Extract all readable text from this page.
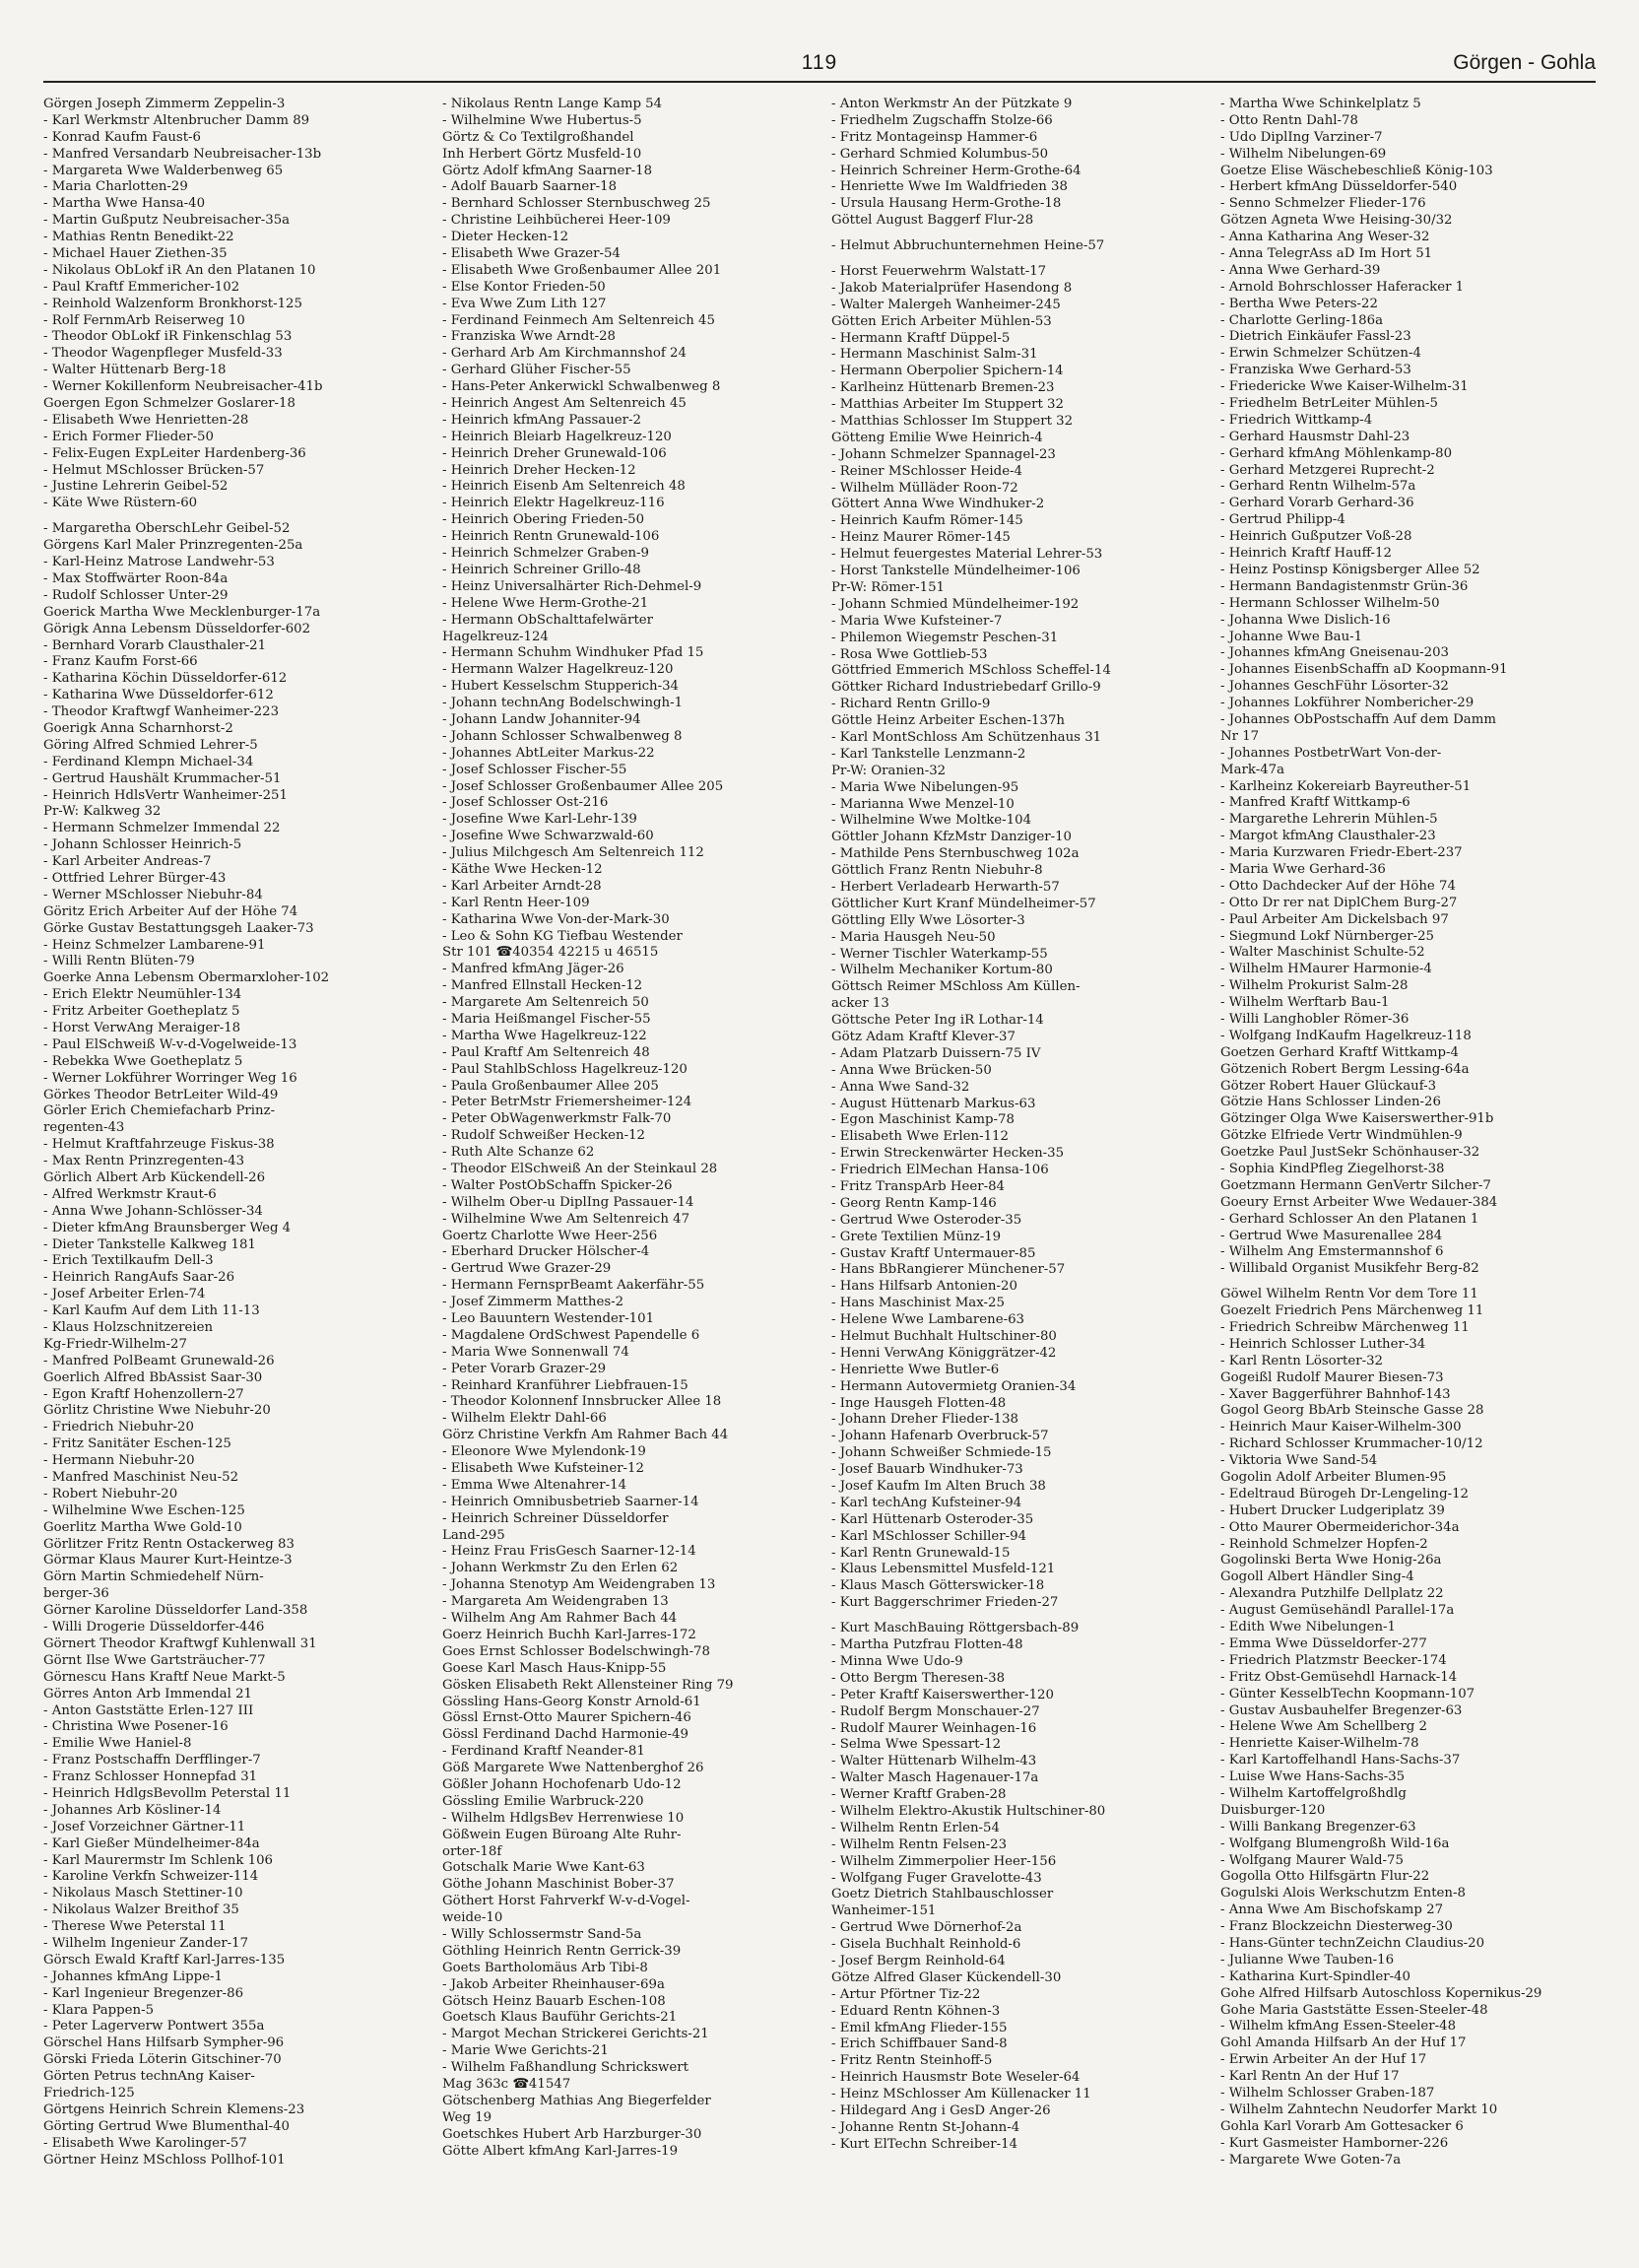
119	Görgen - Gohla
Görgen Joseph Zimmerm Zeppelin-3
- Karl Werkmstr Altenbrucher Damm 89
- Konrad Kaufm Faust-6
- Manfred Versandarb Neubreisacher-13b
- Margareta Wwe Walderbenweg 65
- Maria Charlotten-29
- Martha Wwe Hansa-40
- Martin Gußputz Neubreisacher-35a
- Mathias Rentn Benedikt-22
- Michael Hauer Ziethen-35
- Nikolaus ObLokf iR An den Platanen 10
- Paul Kraftf Emmericher-102
- Reinhold Walzenform Bronkhorst-125
- Rolf FernmArb Reiserweg 10
- Theodor ObLokf iR Finkenschlag 53
- Theodor Wagenpfleger Musfeld-33
- Walter Hüttenarb Berg-18
- Werner Kokillenform Neubreisacher-41b
Goergen Egon Schmelzer Goslarer-18
- Elisabeth Wwe Henrietten-28
- Erich Former Flieder-50
- Felix-Eugen ExpLeiter Hardenberg-36
- Helmut MSchlosser Brücken-57
- Justine Lehrerin Geibel-52
- Käte Wwe Rüstern-60
- Margaretha OberschLehr Geibel-52
Görgens Karl Maler Prinzregenten-25a
- Karl-Heinz Matrose Landwehr-53
- Max Stoffwärter Roon-84a
- Rudolf Schlosser Unter-29
Goerick Martha Wwe Mecklenburger-17a
Görigk Anna Lebensm Düsseldorfer-602
- Bernhard Vorarb Clausthaler-21
- Franz Kaufm Forst-66
- Katharina Köchin Düsseldorfer-612
- Katharina Wwe Düsseldorfer-612
- Theodor Kraftwgf Wanheimer-223
Goerigk Anna Scharnhorst-2
Göring Alfred Schmied Lehrer-5
- Ferdinand Klempn Michael-34
- Gertrud Haushält Krummacher-51
- Heinrich HdlsVertr Wanheimer-251
Pr-W: Kalkweg 32
- Hermann Schmelzer Immendal 22
- Johann Schlosser Heinrich-5
- Karl Arbeiter Andreas-7
- Ottfried Lehrer Bürger-43
- Werner MSchlosser Niebuhr-84
Göritz Erich Arbeiter Auf der Höhe 74
Görke Gustav Bestattungsgeh Laaker-73
- Heinz Schmelzer Lambarene-91
- Willi Rentn Blüten-79
Goerke Anna Lebensm Obermarxloher-102
- Erich Elektr Neumühler-134
- Fritz Arbeiter Goetheplatz 5
- Horst VerwAng Meraiger-18
- Paul ElSchweiß W-v-d-Vogelweide-13
- Rebekka Wwe Goetheplatz 5
- Werner Lokführer Worringer Weg 16
Görkes Theodor BetrLeiter Wild-49
Görler Erich Chemiefacharb Prinz-
regenten-43
- Helmut Kraftfahrzeuge Fiskus-38
- Max Rentn Prinzregenten-43
Görlich Albert Arb Kückendell-26
- Alfred Werkmstr Kraut-6
- Anna Wwe Johann-Schlösser-34
- Dieter kfmAng Braunsberger Weg 4
- Dieter Tankstelle Kalkweg 181
- Erich Textilkaufm Dell-3
- Heinrich RangAufs Saar-26
- Josef Arbeiter Erlen-74
- Karl Kaufm Auf dem Lith 11-13
- Klaus Holzschnitzereien
Kg-Friedr-Wilhelm-27
- Manfred PolBeamt Grunewald-26
Goerlich Alfred BbAssist Saar-30
- Egon Kraftf Hohenzollern-27
Görlitz Christine Wwe Niebuhr-20
- Friedrich Niebuhr-20
- Fritz Sanitäter Eschen-125
- Hermann Niebuhr-20
- Manfred Maschinist Neu-52
- Robert Niebuhr-20
- Wilhelmine Wwe Eschen-125
Goerlitz Martha Wwe Gold-10
Görlitzer Fritz Rentn Ostackerweg 83
Görmar Klaus Maurer Kurt-Heintze-3
Görn Martin Schmiedehelf Nürn-
berger-36
Görner Karoline Düsseldorfer Land-358
- Willi Drogerie Düsseldorfer-446
Görnert Theodor Kraftwgf Kuhlenwall 31
Görnt Ilse Wwe Gartsträucher-77
Görnescu Hans Kraftf Neue Markt-5
Görres Anton Arb Immendal 21
- Anton Gaststätte Erlen-127 III
- Christina Wwe Posener-16
- Emilie Wwe Haniel-8
- Franz Postschaffn Derfflinger-7
- Franz Schlosser Honnepfad 31
- Heinrich HdlgsBevollm Peterstal 11
- Johannes Arb Kösliner-14
- Josef Vorzeichner Gärtner-11
- Karl Gießer Mündelheimer-84a
- Karl Maurermstr Im Schlenk 106
- Karoline Verkfn Schweizer-114
- Nikolaus Masch Stettiner-10
- Nikolaus Walzer Breithof 35
- Therese Wwe Peterstal 11
- Wilhelm Ingenieur Zander-17
Görsch Ewald Kraftf Karl-Jarres-135
- Johannes kfmAng Lippe-1
- Karl Ingenieur Bregenzer-86
- Klara Pappen-5
- Peter Lagerverw Pontwert 355a
Görschel Hans Hilfsarb Sympher-96
Görski Frieda Löterin Gitschiner-70
Görten Petrus technAng Kaiser-
Friedrich-125
Görtgens Heinrich Schrein Klemens-23
Görting Gertrud Wwe Blumenthal-40
- Elisabeth Wwe Karolinger-57
Görtner Heinz MSchloss Pollhof-101
- Nikolaus Rentn Lange Kamp 54
- Wilhelmine Wwe Hubertus-5
Görtz & Co Textilgroßhandel
Inh Herbert Görtz Musfeld-10
Görtz Adolf kfmAng Saarner-18
- Adolf Bauarb Saarner-18
- Bernhard Schlosser Sternbuschweg 25
- Christine Leihbücherei Heer-109
- Dieter Hecken-12
- Elisabeth Wwe Grazer-54
- Elisabeth Wwe Großenbaumer Allee 201
- Else Kontor Frieden-50
- Eva Wwe Zum Lith 127
- Ferdinand Feinmech Am Seltenreich 45
- Franziska Wwe Arndt-28
- Gerhard Arb Am Kirchmannshof 24
- Gerhard Glüher Fischer-55
- Hans-Peter Ankerwickl Schwalbenweg 8
- Heinrich Angest Am Seltenreich 45
- Heinrich kfmAng Passauer-2
- Heinrich Bleiarb Hagelkreuz-120
- Heinrich Dreher Grunewald-106
- Heinrich Dreher Hecken-12
- Heinrich Eisenb Am Seltenreich 48
- Heinrich Elektr Hagelkreuz-116
- Heinrich Obering Frieden-50
- Heinrich Rentn Grunewald-106
- Heinrich Schmelzer Graben-9
- Heinrich Schreiner Grillo-48
- Heinz Universalhärter Rich-Dehmel-9
- Helene Wwe Herm-Grothe-21
- Hermann ObSchalttafelwärter
Hagelkreuz-124
- Hermann Schuhm Windhuker Pfad 15
- Hermann Walzer Hagelkreuz-120
- Hubert Kesselschm Stupperich-34
- Johann technAng Bodelschwingh-1
- Johann Landw Johanniter-94
- Johann Schlosser Schwalbenweg 8
- Johannes AbtLeiter Markus-22
- Josef Schlosser Fischer-55
- Josef Schlosser Großenbaumer Allee 205
- Josef Schlosser Ost-216
- Josefine Wwe Karl-Lehr-139
- Josefine Wwe Schwarzwald-60
- Julius Milchgesch Am Seltenreich 112
- Käthe Wwe Hecken-12
- Karl Arbeiter Arndt-28
- Karl Rentn Heer-109
- Katharina Wwe Von-der-Mark-30
- Leo & Sohn KG Tiefbau Westender
Str 101 ☎40354 42215 u 46515
- Manfred kfmAng Jäger-26
- Manfred Ellnstall Hecken-12
- Margarete Am Seltenreich 50
- Maria Heißmangel Fischer-55
- Martha Wwe Hagelkreuz-122
- Paul Kraftf Am Seltenreich 48
- Paul StahlbSchloss Hagelkreuz-120
- Paula Großenbaumer Allee 205
- Peter BetrMstr Friemersheimer-124
- Peter ObWagenwerkmstr Falk-70
- Rudolf Schweißer Hecken-12
- Ruth Alte Schanze 62
- Theodor ElSchweiß An der Steinkaul 28
- Walter PostObSchaffn Spicker-26
- Wilhelm Ober-u DiplIng Passauer-14
- Wilhelmine Wwe Am Seltenreich 47
Goertz Charlotte Wwe Heer-256
- Eberhard Drucker Hölscher-4
- Gertrud Wwe Grazer-29
- Hermann FernsprBeamt Aakerfähr-55
- Josef Zimmerm Matthes-2
- Leo Bauuntern Westender-101
- Magdalene OrdSchwest Papendelle 6
- Maria Wwe Sonnenwall 74
- Peter Vorarb Grazer-29
- Reinhard Kranführer Liebfrauen-15
- Theodor Kolonnenf Innsbrucker Allee 18
- Wilhelm Elektr Dahl-66
Görz Christine Verkfn Am Rahmer Bach 44
- Eleonore Wwe Mylendonk-19
- Elisabeth Wwe Kufsteiner-12
- Emma Wwe Altenahrer-14
- Heinrich Omnibusbetrieb Saarner-14
- Heinrich Schreiner Düsseldorfer
Land-295
- Heinz Frau FrisGesch Saarner-12-14
- Johann Werkmstr Zu den Erlen 62
- Johanna Stenotyp Am Weidengraben 13
- Margareta Am Weidengraben 13
- Wilhelm Ang Am Rahmer Bach 44
Goerz Heinrich Buchh Karl-Jarres-172
Goes Ernst Schlosser Bodelschwingh-78
Goese Karl Masch Haus-Knipp-55
Gösken Elisabeth Rekt Allensteiner Ring 79
Gössling Hans-Georg Konstr Arnold-61
Gössl Ernst-Otto Maurer Spichern-46
Gössl Ferdinand Dachd Harmonie-49
- Ferdinand Kraftf Neander-81
Göß Margarete Wwe Nattenberghof 26
Gößler Johann Hochofenarb Udo-12
Gössling Emilie Warbruck-220
- Wilhelm HdlgsBev Herrenwiese 10
Gößwein Eugen Büroang Alte Ruhr-
orter-18f
Gotschalk Marie Wwe Kant-63
Göthe Johann Maschinist Bober-37
Göthert Horst Fahrverkf W-v-d-Vogel-
weide-10
- Willy Schlossermstr Sand-5a
Göthling Heinrich Rentn Gerrick-39
Goets Bartholomäus Arb Tibi-8
- Jakob Arbeiter Rheinhauser-69a
Götsch Heinz Bauarb Eschen-108
Goetsch Klaus Bauführ Gerichts-21
- Margot Mechan Strickerei Gerichts-21
- Marie Wwe Gerichts-21
- Wilhelm Faßhandlung Schrickswert
Mag 363c ☎41547
Götschenberg Mathias Ang Biegerfelder
Weg 19
Goetschkes Hubert Arb Harzburger-30
Götte Albert kfmAng Karl-Jarres-19
- Anton Werkmstr An der Pützkate 9
- Friedhelm Zugschaffn Stolze-66
- Fritz Montageinsp Hammer-6
- Gerhard Schmied Kolumbus-50
- Heinrich Schreiner Herm-Grothe-64
- Henriette Wwe Im Waldfrieden 38
- Ursula Hausang Herm-Grothe-18
Göttel August Baggerf Flur-28
- Helmut Abbruchunternehmen Heine-57
- Horst Feuerwehrm Walstatt-17
- Jakob Materialprüfer Hasendong 8
- Walter Malergeh Wanheimer-245
Götten Erich Arbeiter Mühlen-53
- Hermann Kraftf Düppel-5
- Hermann Maschinist Salm-31
- Hermann Oberpolier Spichern-14
- Karlheinz Hüttenarb Bremen-23
- Matthias Arbeiter Im Stuppert 32
- Matthias Schlosser Im Stuppert 32
Götteng Emilie Wwe Heinrich-4
- Johann Schmelzer Spannagel-23
- Reiner MSchlosser Heide-4
- Wilhelm Mülläder Roon-72
Göttert Anna Wwe Windhuker-2
- Heinrich Kaufm Römer-145
- Heinz Maurer Römer-145
- Helmut feuergestes Material Lehrer-53
- Horst Tankstelle Mündelheimer-106
Pr-W: Römer-151
- Johann Schmied Mündelheimer-192
- Maria Wwe Kufsteiner-7
- Philemon Wiegemstr Peschen-31
- Rosa Wwe Gottlieb-53
Göttfried Emmerich MSchloss Scheffel-14
Göttker Richard Industriebedarf Grillo-9
- Richard Rentn Grillo-9
Göttle Heinz Arbeiter Eschen-137h
- Karl MontSchloss Am Schützenhaus 31
- Karl Tankstelle Lenzmann-2
Pr-W: Oranien-32
- Maria Wwe Nibelungen-95
- Marianna Wwe Menzel-10
- Wilhelmine Wwe Moltke-104
Göttler Johann KfzMstr Danziger-10
- Mathilde Pens Sternbuschweg 102a
Göttlich Franz Rentn Niebuhr-8
- Herbert Verladearb Herwarth-57
Göttlicher Kurt Kranf Mündelheimer-57
Göttling Elly Wwe Lösorter-3
- Maria Hausgeh Neu-50
- Werner Tischler Waterkamp-55
- Wilhelm Mechaniker Kortum-80
Göttsch Reimer MSchloss Am Küllen-
acker 13
Göttsche Peter Ing iR Lothar-14
Götz Adam Kraftf Klever-37
- Adam Platzarb Duissern-75 IV
- Anna Wwe Brücken-50
- Anna Wwe Sand-32
- August Hüttenarb Markus-63
- Egon Maschinist Kamp-78
- Elisabeth Wwe Erlen-112
- Erwin Streckenwärter Hecken-35
- Friedrich ElMechan Hansa-106
- Fritz TranspArb Heer-84
- Georg Rentn Kamp-146
- Gertrud Wwe Osteroder-35
- Grete Textilien Münz-19
- Gustav Kraftf Untermauer-85
- Hans BbRangierer Münchener-57
- Hans Hilfsarb Antonien-20
- Hans Maschinist Max-25
- Helene Wwe Lambarene-63
- Helmut Buchhalt Hultschiner-80
- Henni VerwAng Königgrätzer-42
- Henriette Wwe Butler-6
- Hermann Autovermietg Oranien-34
- Inge Hausgeh Flotten-48
- Johann Dreher Flieder-138
- Johann Hafenarb Overbruck-57
- Johann Schweißer Schmiede-15
- Josef Bauarb Windhuker-73
- Josef Kaufm Im Alten Bruch 38
- Karl techAng Kufsteiner-94
- Karl Hüttenarb Osteroder-35
- Karl MSchlosser Schiller-94
- Karl Rentn Grunewald-15
- Klaus Lebensmittel Musfeld-121
- Klaus Masch Götterswicker-18
- Kurt Baggerschrimer Frieden-27
- Kurt MaschBauing Röttgersbach-89
- Martha Putzfrau Flotten-48
- Minna Wwe Udo-9
- Otto Bergm Theresen-38
- Peter Kraftf Kaiserswerther-120
- Rudolf Bergm Monschauer-27
- Rudolf Maurer Weinhagen-16
- Selma Wwe Spessart-12
- Walter Hüttenarb Wilhelm-43
- Walter Masch Hagenauer-17a
- Werner Kraftf Graben-28
- Wilhelm Elektro-Akustik Hultschiner-80
- Wilhelm Rentn Erlen-54
- Wilhelm Rentn Felsen-23
- Wilhelm Zimmerpolier Heer-156
- Wolfgang Fuger Gravelotte-43
Goetz Dietrich Stahlbauschlosser
Wanheimer-151
- Gertrud Wwe Dörnerhof-2a
- Gisela Buchhalt Reinhold-6
- Josef Bergm Reinhold-64
Götze Alfred Glaser Kückendell-30
- Artur Pförtner Tiz-22
- Eduard Rentn Köhnen-3
- Emil kfmAng Flieder-155
- Erich Schiffbauer Sand-8
- Fritz Rentn Steinhoff-5
- Heinrich Hausmstr Bote Weseler-64
- Heinz MSchlosser Am Küllenacker 11
- Hildegard Ang i GesD Anger-26
- Johanne Rentn St-Johann-4
- Kurt ElTechn Schreiber-14
- Martha Wwe Schinkelplatz 5
- Otto Rentn Dahl-78
- Udo DiplIng Varziner-7
- Wilhelm Nibelungen-69
Goetze Elise Wäschebeschließ König-103
- Herbert kfmAng Düsseldorfer-540
- Senno Schmelzer Flieder-176
Götzen Agneta Wwe Heising-30/32
- Anna Katharina Ang Weser-32
- Anna TelegrAss aD Im Hort 51
- Anna Wwe Gerhard-39
- Arnold Bohrschlosser Haferacker 1
- Bertha Wwe Peters-22
- Charlotte Gerling-186a
- Dietrich Einkäufer Fassl-23
- Erwin Schmelzer Schützen-4
- Franziska Wwe Gerhard-53
- Friedericke Wwe Kaiser-Wilhelm-31
- Friedhelm BetrLeiter Mühlen-5
- Friedrich Wittkamp-4
- Gerhard Hausmstr Dahl-23
- Gerhard kfmAng Möhlenkamp-80
- Gerhard Metzgerei Ruprecht-2
- Gerhard Rentn Wilhelm-57a
- Gerhard Vorarb Gerhard-36
- Gertrud Philipp-4
- Heinrich Gußputzer Voß-28
- Heinrich Kraftf Hauff-12
- Heinz Postinsp Königsberger Allee 52
- Hermann Bandagistenmstr Grün-36
- Hermann Schlosser Wilhelm-50
- Johanna Wwe Dislich-16
- Johanne Wwe Bau-1
- Johannes kfmAng Gneisenau-203
- Johannes EisenbSchaffn aD Koopmann-91
- Johannes GeschFühr Lösorter-32
- Johannes Lokführer Nombericher-29
- Johannes ObPostschaffn Auf dem Damm
Nr 17
- Johannes PostbetrWart Von-der-
Mark-47a
- Karlheinz Kokereiarb Bayreuther-51
- Manfred Kraftf Wittkamp-6
- Margarethe Lehrerin Mühlen-5
- Margot kfmAng Clausthaler-23
- Maria Kurzwaren Friedr-Ebert-237
- Maria Wwe Gerhard-36
- Otto Dachdecker Auf der Höhe 74
- Otto Dr rer nat DiplChem Burg-27
- Paul Arbeiter Am Dickelsbach 97
- Siegmund Lokf Nürnberger-25
- Walter Maschinist Schulte-52
- Wilhelm HMaurer Harmonie-4
- Wilhelm Prokurist Salm-28
- Wilhelm Werftarb Bau-1
- Willi Langhobler Römer-36
- Wolfgang IndKaufm Hagelkreuz-118
Goetzen Gerhard Kraftf Wittkamp-4
Götzenich Robert Bergm Lessing-64a
Götzer Robert Hauer Glückauf-3
Götzie Hans Schlosser Linden-26
Götzinger Olga Wwe Kaiserswerther-91b
Götzke Elfriede Vertr Windmühlen-9
Goetzke Paul JustSekr Schönhauser-32
- Sophia KindPfleg Ziegelhorst-38
Goetzmann Hermann GenVertr Silcher-7
Goeury Ernst Arbeiter Wwe Wedauer-384
- Gerhard Schlosser An den Platanen 1
- Gertrud Wwe Masurenallee 284
- Wilhelm Ang Emstermannshof 6
- Willibald Organist Musikfehr Berg-82
Göwel Wilhelm Rentn Vor dem Tore 11
Goezelt Friedrich Pens Märchenweg 11
- Friedrich Schreibw Märchenweg 11
- Heinrich Schlosser Luther-34
- Karl Rentn Lösorter-32
Gogeißl Rudolf Maurer Biesen-73
- Xaver Baggerführer Bahnhof-143
Gogol Georg BbArb Steinsche Gasse 28
- Heinrich Maur Kaiser-Wilhelm-300
- Richard Schlosser Krummacher-10/12
- Viktoria Wwe Sand-54
Gogolin Adolf Arbeiter Blumen-95
- Edeltraud Bürogeh Dr-Lengeling-12
- Hubert Drucker Ludgeriplatz 39
- Otto Maurer Obermeiderichor-34a
- Reinhold Schmelzer Hopfen-2
Gogolinski Berta Wwe Honig-26a
Gogoll Albert Händler Sing-4
- Alexandra Putzhilfe Dellplatz 22
- August Gemüsehändl Parallel-17a
- Edith Wwe Nibelungen-1
- Emma Wwe Düsseldorfer-277
- Friedrich Platzmstr Beecker-174
- Fritz Obst-Gemüsehdl Harnack-14
- Günter KesselbTechn Koopmann-107
- Gustav Ausbauhelfer Bregenzer-63
- Helene Wwe Am Schellberg 2
- Henriette Kaiser-Wilhelm-78
- Karl Kartoffelhandl Hans-Sachs-37
- Luise Wwe Hans-Sachs-35
- Wilhelm Kartoffelgroßhdlg
Duisburger-120
- Willi Bankang Bregenzer-63
- Wolfgang Blumengroßh Wild-16a
- Wolfgang Maurer Wald-75
Gogolla Otto Hilfsgärtn Flur-22
Gogulski Alois Werkschutzm Enten-8
- Anna Wwe Am Bischofskamp 27
- Franz Blockzeichn Diesterweg-30
- Hans-Günter technZeichn Claudius-20
- Julianne Wwe Tauben-16
- Katharina Kurt-Spindler-40
Gohe Alfred Hilfsarb Autoschloss Kopernikus-29
Gohe Maria Gaststätte Essen-Steeler-48
- Wilhelm kfmAng Essen-Steeler-48
Gohl Amanda Hilfsarb An der Huf 17
- Erwin Arbeiter An der Huf 17
- Karl Rentn An der Huf 17
- Wilhelm Schlosser Graben-187
- Wilhelm Zahntechn Neudorfer Markt 10
Gohla Karl Vorarb Am Gottesacker 6
- Kurt Gasmeister Hamborner-226
- Margarete Wwe Goten-7a
